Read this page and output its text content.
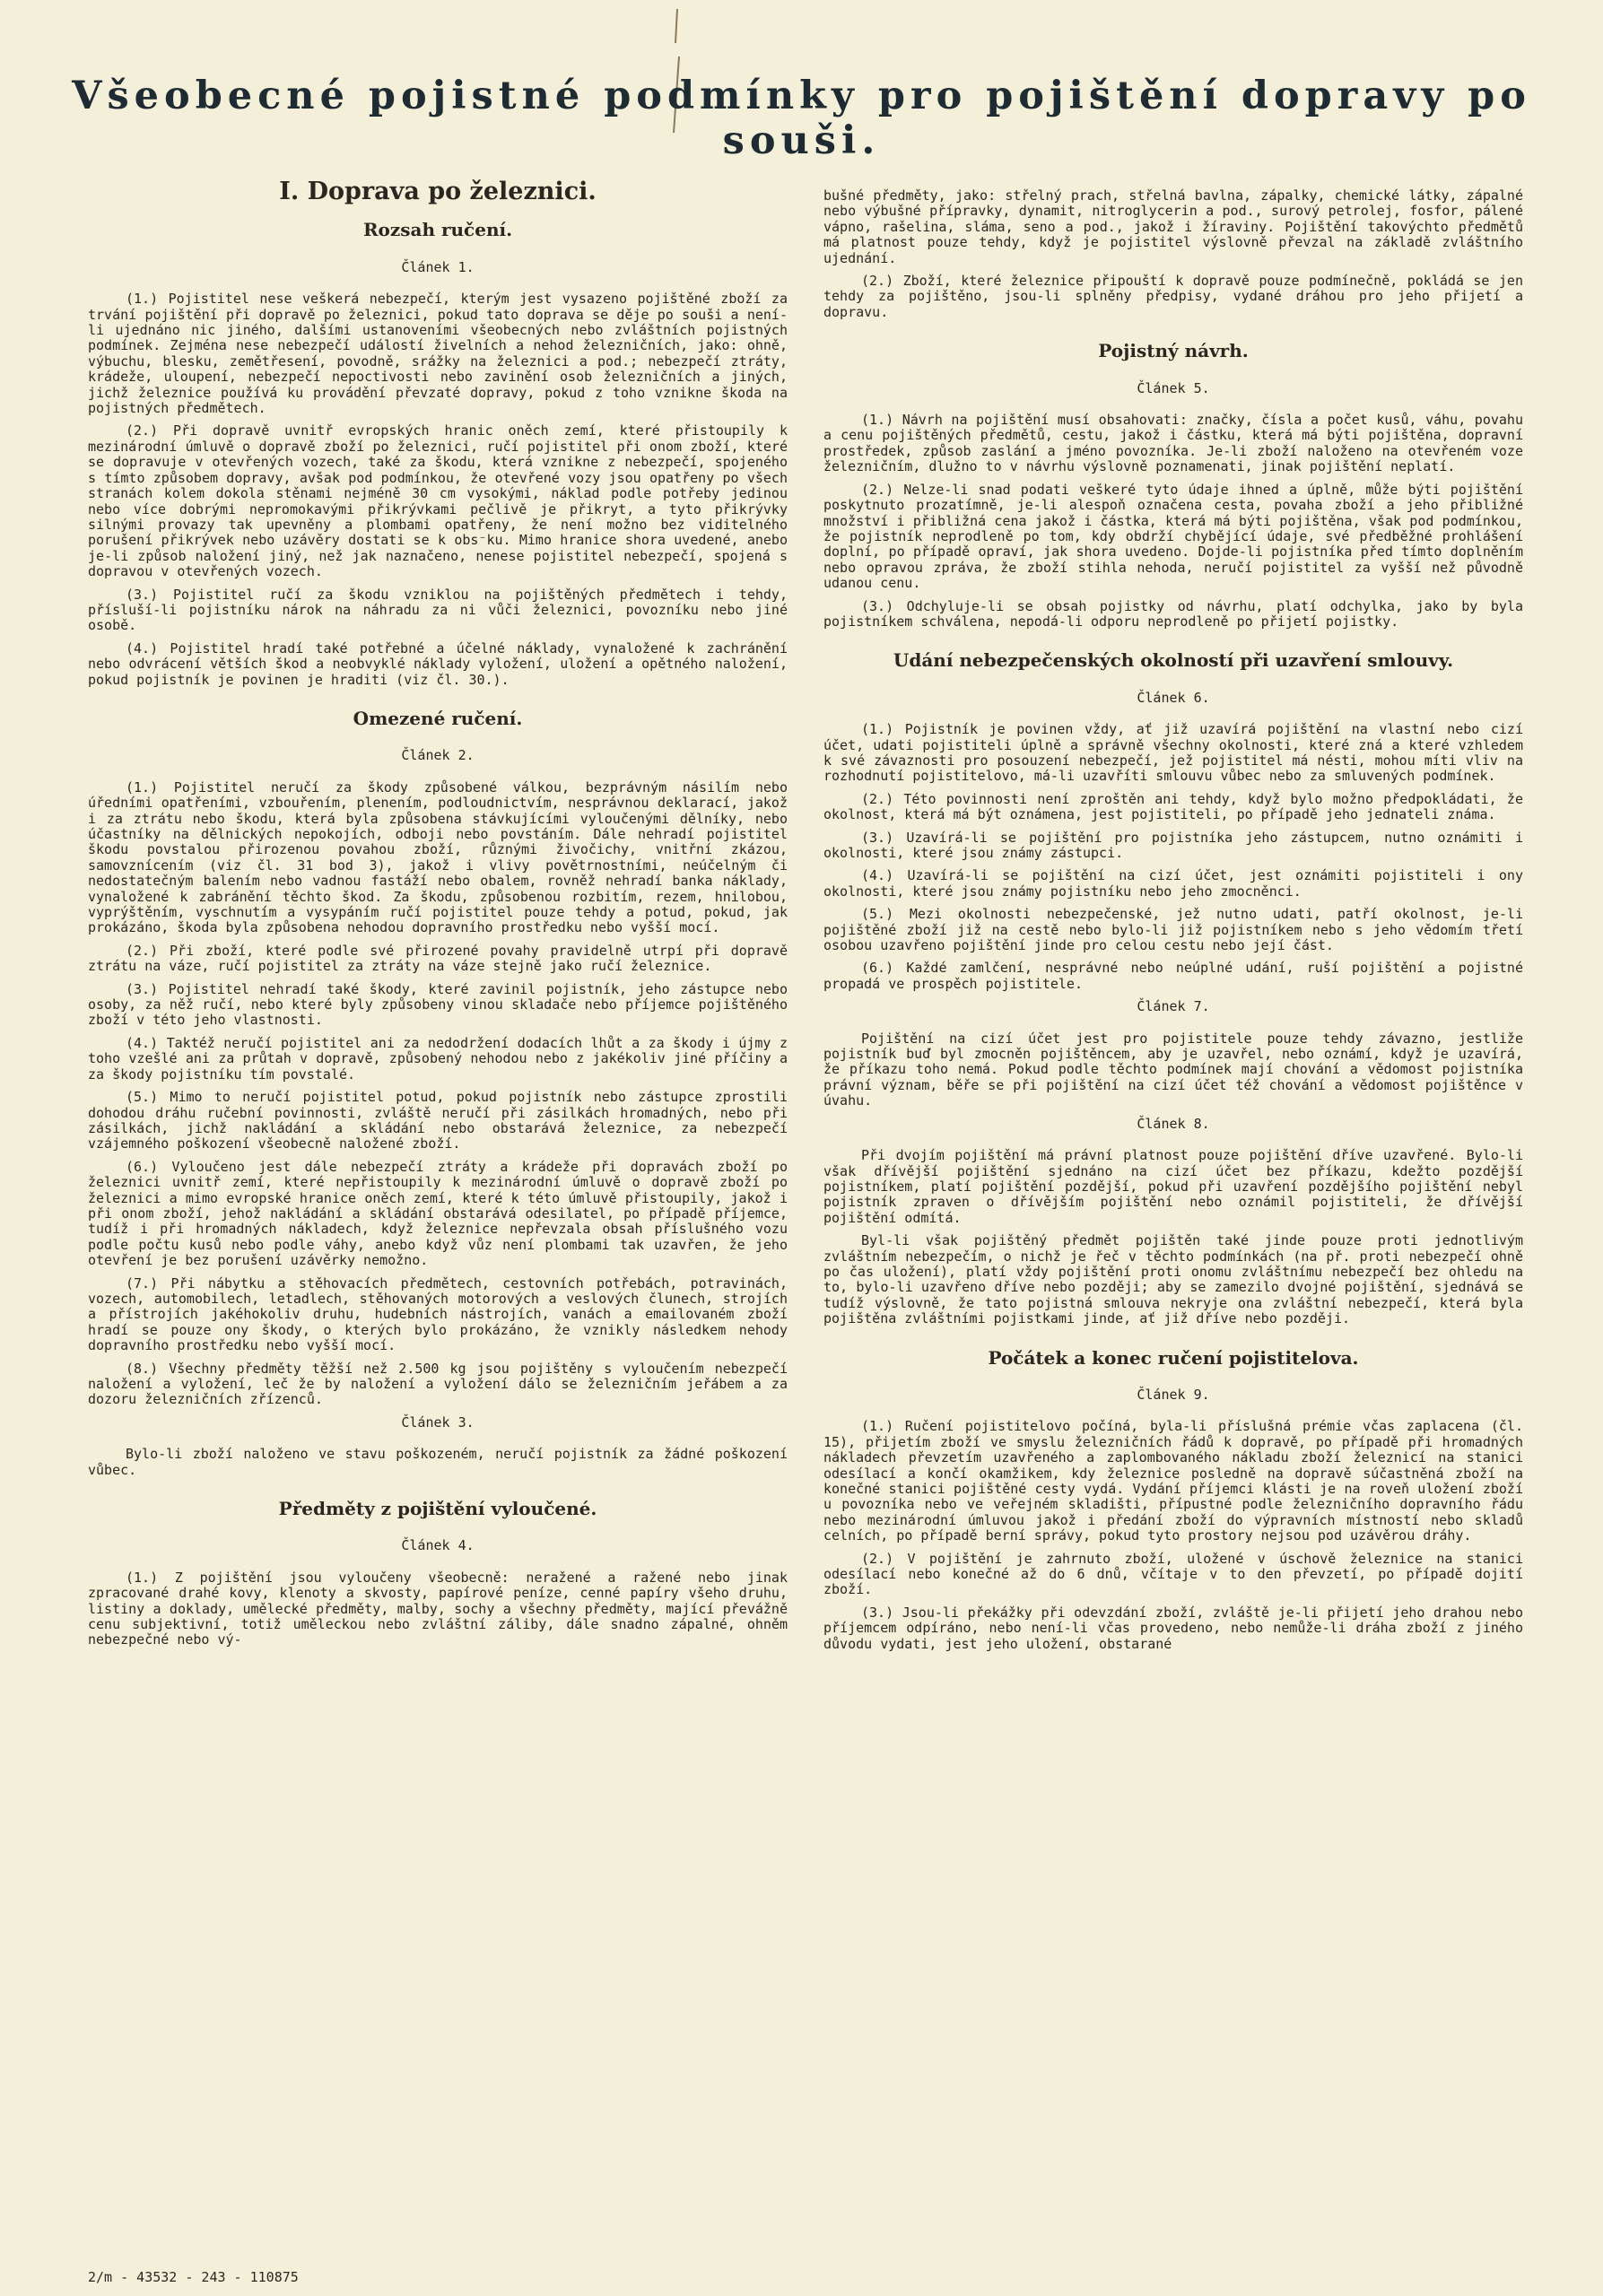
Všeobecné pojistné podmínky pro pojištění dopravy po souši.
I. Doprava po železnici.
Rozsah ručení.
Článek 1.

(1.) Pojistitel nese veškerá nebezpečí, kterým jest vysazeno pojištěné zboží za trvání pojištění při dopravě po železnici, pokud tato doprava se děje po souši a není-li ujednáno nic jiného, dalšími ustanoveními všeobecných nebo zvláštních pojistných podmínek. Zejména nese nebezpečí událostí živelních a nehod železničních, jako: ohně, výbuchu, blesku, zemětřesení, povodně, srážky na železnici a pod.; nebezpečí ztráty, krádeže, uloupení, nebezpečí nepoctivosti nebo zavinění osob železničních a jiných, jichž železnice používá ku provádění převzaté dopravy, pokud z toho vznikne škoda na pojistných předmětech.

(2.) Při dopravě uvnitř evropských hranic oněch zemí, které přistoupily k mezinárodní úmluvě o dopravě zboží po železnici, ručí pojistitel při onom zboží, které se dopravuje v otevřených vozech, také za škodu, která vznikne z nebezpečí, spojeného s tímto způsobem dopravy, avšak pod podmínkou, že otevřené vozy jsou opatřeny po všech stranách kolem dokola stěnami nejméně 30 cm vysokými, náklad podle potřeby jedinou nebo více dobrými nepromokavými přikrývkami pečlivě je přikryt, a tyto přikrývky silnými provazy tak upevněny a plombami opatřeny, že není možno bez viditelného porušení přikrývek nebo uzávěry dostati se k obs⁻ku. Mimo hranice shora uvedené, anebo je-li způsob naložení jiný, než jak naznačeno, nenese pojistitel nebezpečí, spojená s dopravou v otevřených vozech.

(3.) Pojistitel ručí za škodu vzniklou na pojištěných předmětech i tehdy, přísluší-li pojistníku nárok na náhradu za ni vůči železnici, povozníku nebo jiné osobě.

(4.) Pojistitel hradí také potřebné a účelné náklady, vynaložené k zachránění nebo odvrácení větších škod a neobvyklé náklady vyložení, uložení a opětného naložení, pokud pojistník je povinen je hraditi (viz čl. 30.).

Omezené ručení.
Článek 2.

(1.) Pojistitel neručí za škody způsobené válkou, bezprávným násilím nebo úředními opatřeními, vzbouřením, plenením, podloudnictvím, nesprávnou deklarací, jakož i za ztrátu nebo škodu, která byla způsobena stávkujícími vyloučenými dělníky, nebo účastníky na dělnických nepokojích, odboji nebo povstáním. Dále nehradí pojistitel škodu povstalou přirozenou povahou zboží, různými živočichy, vnitřní zkázou, samovznícením (viz čl. 31 bod 3), jakož i vlivy povětrnostními, neúčelným či nedostatečným balením nebo vadnou fastáží nebo obalem, rovněž nehradí banka náklady, vynaložené k zabránění těchto škod. Za škodu, způsobenou rozbitím, rezem, hnilobou, vyprýštěním, vyschnutím a vysypáním ručí pojistitel pouze tehdy a potud, pokud, jak prokázáno, škoda byla způsobena nehodou dopravního prostředku nebo vyšší mocí.

(2.) Při zboží, které podle své přirozené povahy pravidelně utrpí při dopravě ztrátu na váze, ručí pojistitel za ztráty na váze stejně jako ručí železnice.

(3.) Pojistitel nehradí také škody, které zavinil pojistník, jeho zástupce nebo osoby, za něž ručí, nebo které byly způsobeny vinou skladače nebo příjemce pojištěného zboží v této jeho vlastnosti.

(4.) Taktéž neručí pojistitel ani za nedodržení dodacích lhůt a za škody i újmy z toho vzešlé ani za průtah v dopravě, způsobený nehodou nebo z jakékoliv jiné příčiny a za škody pojistníku tím povstalé.

(5.) Mimo to neručí pojistitel potud, pokud pojistník nebo zástupce zprostili dohodou dráhu ručební povinnosti, zvláště neručí při zásilkách hromadných, nebo při zásilkách, jichž nakládání a skládání nebo obstarává železnice, za nebezpečí vzájemného poškození všeobecně naložené zboží.

(6.) Vyloučeno jest dále nebezpečí ztráty a krádeže při dopravách zboží po železnici uvnitř zemí, které nepřistoupily k mezinárodní úmluvě o dopravě zboží po železnici a mimo evropské hranice oněch zemí, které k této úmluvě přistoupily, jakož i při onom zboží, jehož nakládání a skládání obstarává odesilatel, po případě příjemce, tudíž i při hromadných nákladech, když železnice nepřevzala obsah příslušného vozu podle počtu kusů nebo podle váhy, anebo když vůz není plombami tak uzavřen, že jeho otevření je bez porušení uzávěrky nemožno.

(7.) Při nábytku a stěhovacích předmětech, cestovních potřebách, potravinách, vozech, automobilech, letadlech, stěhovaných motorových a veslových člunech, strojích a přístrojích jakéhokoliv druhu, hudebních nástrojích, vanách a emailovaném zboží hradí se pouze ony škody, o kterých bylo prokázáno, že vznikly následkem nehody dopravního prostředku nebo vyšší mocí.

(8.) Všechny předměty těžší než 2.500 kg jsou pojištěny s vyloučením nebezpečí naložení a vyložení, leč že by naložení a vyložení dálo se železničním jeřábem a za dozoru železničních zřízenců.

Článek 3.

Bylo-li zboží naloženo ve stavu poškozeném, neručí pojistník za žádné poškození vůbec.

Předměty z pojištění vyloučené.
Článek 4.

(1.) Z pojištění jsou vyloučeny všeobecně: neražené a ražené nebo jinak zpracované drahé kovy, klenoty a skvosty, papírové peníze, cenné papíry všeho druhu, listiny a doklady, umělecké předměty, malby, sochy a všechny předměty, mající převážně cenu subjektivní, totiž uměleckou nebo zvláštní záliby, dále snadno zápalné, ohněm nebezpečné nebo vý-

bušné předměty, jako: střelný prach, střelná bavlna, zápalky, chemické látky, zápalné nebo výbušné přípravky, dynamit, nitroglycerin a pod., surový petrolej, fosfor, pálené vápno, rašelina, sláma, seno a pod., jakož i žíraviny. Pojištění takovýchto předmětů má platnost pouze tehdy, když je pojistitel výslovně převzal na základě zvláštního ujednání.

(2.) Zboží, které železnice připouští k dopravě pouze podmínečně, pokládá se jen tehdy za pojištěno, jsou-li splněny předpisy, vydané dráhou pro jeho přijetí a dopravu.

Pojistný návrh.
Článek 5.

(1.) Návrh na pojištění musí obsahovati: značky, čísla a počet kusů, váhu, povahu a cenu pojištěných předmětů, cestu, jakož i částku, která má býti pojištěna, dopravní prostředek, způsob zaslání a jméno povozníka. Je-li zboží naloženo na otevřeném voze železničním, dlužno to v návrhu výslovně poznamenati, jinak pojištění neplatí.

(2.) Nelze-li snad podati veškeré tyto údaje ihned a úplně, může býti pojištění poskytnuto prozatímně, je-li alespoň označena cesta, povaha zboží a jeho přibližné množství i přibližná cena jakož i částka, která má býti pojištěna, však pod podmínkou, že pojistník neprodleně po tom, kdy obdrží chybějící údaje, své předběžné prohlášení doplní, po případě opraví, jak shora uvedeno. Dojde-li pojistníka před tímto doplněním nebo opravou zpráva, že zboží stihla nehoda, neručí pojistitel za vyšší než původně udanou cenu.

(3.) Odchyluje-li se obsah pojistky od návrhu, platí odchylka, jako by byla pojistníkem schválena, nepodá-li odporu neprodleně po přijetí pojistky.

Udání nebezpečenských okolností při uzavření smlouvy.
Článek 6.

(1.) Pojistník je povinen vždy, ať již uzavírá pojištění na vlastní nebo cizí účet, udati pojistiteli úplně a správně všechny okolnosti, které zná a které vzhledem k své závaznosti pro posouzení nebezpečí, jež pojistitel má nésti, mohou míti vliv na rozhodnutí pojistitelovo, má-li uzavříti smlouvu vůbec nebo za smluvených podmínek.

(2.) Této povinnosti není zproštěn ani tehdy, když bylo možno předpokládati, že okolnost, která má být oznámena, jest pojistiteli, po případě jeho jednateli známa.

(3.) Uzavírá-li se pojištění pro pojistníka jeho zástupcem, nutno oznámiti i okolnosti, které jsou známy zástupci.

(4.) Uzavírá-li se pojištění na cizí účet, jest oznámiti pojistiteli i ony okolnosti, které jsou známy pojistníku nebo jeho zmocněnci.

(5.) Mezi okolnosti nebezpečenské, jež nutno udati, patří okolnost, je-li pojištěné zboží již na cestě nebo bylo-li již pojistníkem nebo s jeho vědomím třetí osobou uzavřeno pojištění jinde pro celou cestu nebo její část.

(6.) Každé zamlčení, nesprávné nebo neúplné udání, ruší pojištění a pojistné propadá ve prospěch pojistitele.

Článek 7.

Pojištění na cizí účet jest pro pojistitele pouze tehdy závazno, jestliže pojistník buď byl zmocněn pojištěncem, aby je uzavřel, nebo oznámí, když je uzavírá, že příkazu toho nemá. Pokud podle těchto podmínek mají chování a vědomost pojistníka právní význam, běře se při pojištění na cizí účet též chování a vědomost pojištěnce v úvahu.

Článek 8.

Při dvojím pojištění má právní platnost pouze pojištění dříve uzavřené. Bylo-li však dřívější pojištění sjednáno na cizí účet bez příkazu, kdežto pozdější pojistníkem, platí pojištění pozdější, pokud při uzavření pozdějšího pojištění nebyl pojistník zpraven o dřívějším pojištění nebo oznámil pojistiteli, že dřívější pojištění odmítá.

Byl-li však pojištěný předmět pojištěn také jinde pouze proti jednotlivým zvláštním nebezpečím, o nichž je řeč v těchto podmínkách (na př. proti nebezpečí ohně po čas uložení), platí vždy pojištění proti onomu zvláštnímu nebezpečí bez ohledu na to, bylo-li uzavřeno dříve nebo později; aby se zamezilo dvojné pojištění, sjednává se tudíž výslovně, že tato pojistná smlouva nekryje ona zvláštní nebezpečí, která byla pojištěna zvláštními pojistkami jinde, ať již dříve nebo později.

Počátek a konec ručení pojistitelova.
Článek 9.

(1.) Ručení pojistitelovo počíná, byla-li příslušná prémie včas zaplacena (čl. 15), přijetím zboží ve smyslu železničních řádů k dopravě, po případě při hromadných nákladech převzetím uzavřeného a zaplombovaného nákladu zboží železnicí na stanici odesílací a končí okamžikem, kdy železnice posledně na dopravě súčastněná zboží na konečné stanici pojištěné cesty vydá. Vydání příjemci klásti je na roveň uložení zboží u povozníka nebo ve veřejném skladišti, přípustné podle železničního dopravního řádu nebo mezinárodní úmluvou jakož i předání zboží do výpravních místností nebo skladů celních, po případě berní správy, pokud tyto prostory nejsou pod uzávěrou dráhy.

(2.) V pojištění je zahrnuto zboží, uložené v úschově železnice na stanici odesílací nebo konečné až do 6 dnů, včítaje v to den převzetí, po případě dojití zboží.

(3.) Jsou-li překážky při odevzdání zboží, zvláště je-li přijetí jeho drahou nebo příjemcem odpíráno, nebo není-li včas provedeno, nebo nemůže-li dráha zboží z jiného důvodu vydati, jest jeho uložení, obstarané

2/m - 43532 - 243 - 110875
